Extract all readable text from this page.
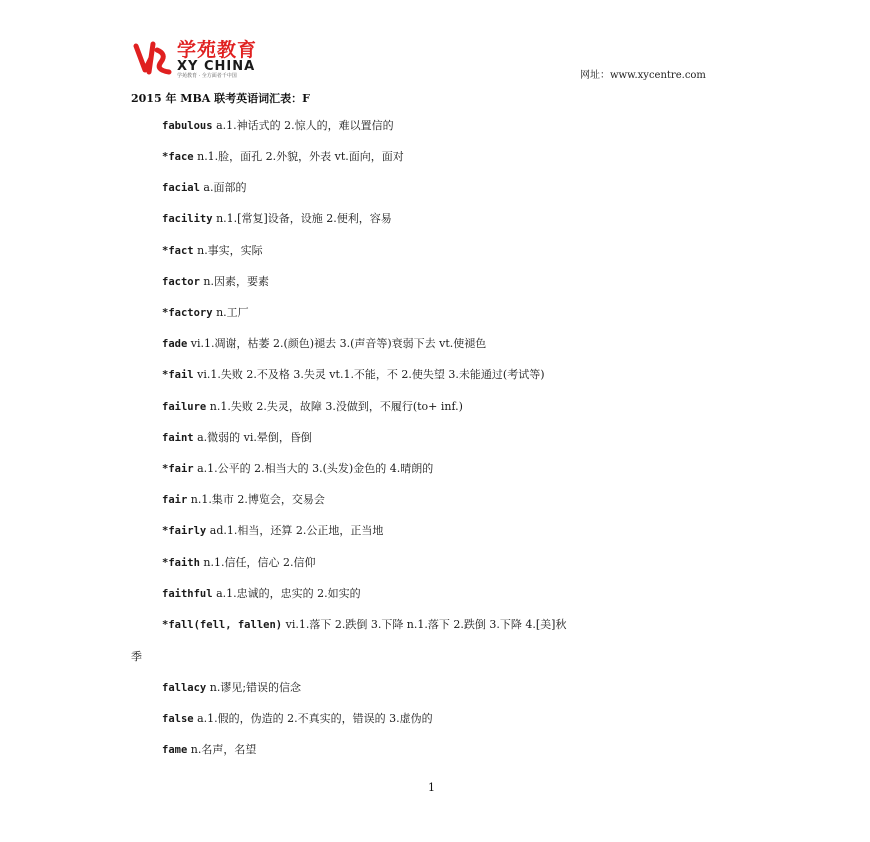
学苑教育
XY CHINA
学苑教育 · 全方面者千中国	网址：www.xycentre.com
2015 年 MBA 联考英语词汇表：F
fabulous a.1.神话式的 2.惊人的，难以置信的
*face n.1.脸，面孔 2.外貌，外表 vt.面向，面对
facial a.面部的
facility n.1.[常复]设备，设施 2.便利，容易
*fact n.事实，实际
factor n.因素，要素
*factory n.工厂
fade vi.1.凋谢，枯萎 2.(颜色)褪去 3.(声音等)衰弱下去 vt.使褪色
*fail vi.1.失败 2.不及格 3.失灵 vt.1.不能，不 2.使失望 3.未能通过(考试等)
failure n.1.失败 2.失灵，故障 3.没做到，不履行(to+ inf.)
faint a.微弱的 vi.晕倒，昏倒
*fair a.1.公平的 2.相当大的 3.(头发)金色的 4.晴朗的
fair n.1.集市 2.博览会，交易会
*fairly ad.1.相当，还算 2.公正地，正当地
*faith n.1.信任，信心 2.信仰
faithful a.1.忠诚的，忠实的 2.如实的
*fall(fell, fallen) vi.1.落下 2.跌倒 3.下降 n.1.落下 2.跌倒 3.下降 4.[美]秋
季
fallacy n.谬见;错误的信念
false a.1.假的，伪造的 2.不真实的，错误的 3.虚伪的
fame n.名声，名望
1
